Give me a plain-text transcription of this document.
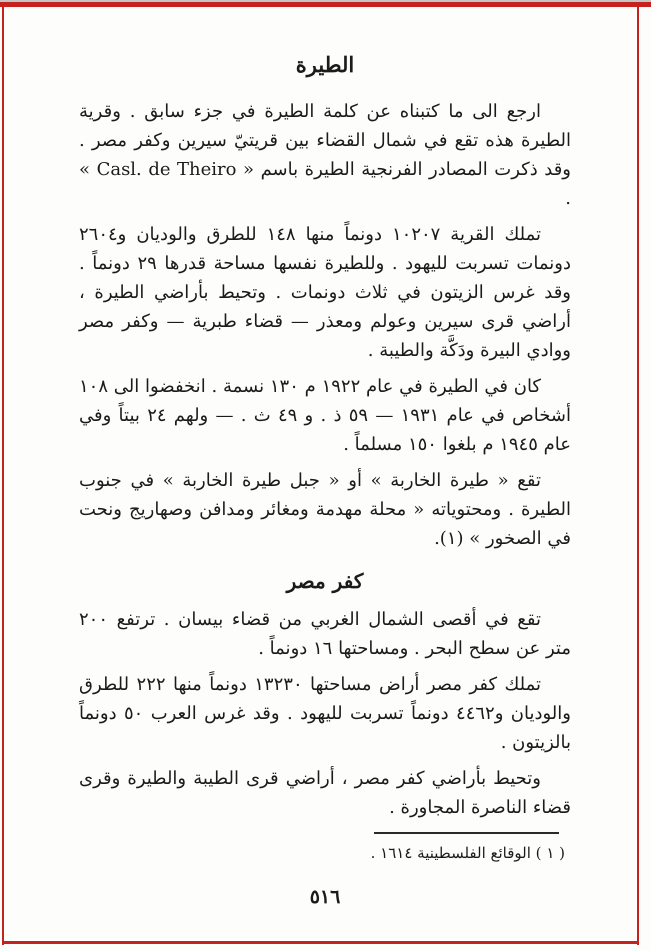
الطيرة

ارجع الى ما كتبناه عن كلمة الطيرة في جزء سابق . وقرية الطيرة هذه تقع في شمال القضاء بين قريتيّ سيرين وكفر مصر . وقد ذكرت المصادر الفرنجية الطيرة باسم « Casl. de Theiro » .

تملك القرية ١٠٢٠٧ دونماً منها ١٤٨ للطرق والوديان و٢٦٠٤ دونمات تسربت لليهود . وللطيرة نفسها مساحة قدرها ٢٩ دونماً . وقد غرس الزيتون في ثلاث دونمات . وتحيط بأراضي الطيرة ، أراضي قرى سيرين وعولم ومعذر — قضاء طبرية — وكفر مصر ووادي البيرة ودَكَّة والطيبة .

كان في الطيرة في عام ١٩٢٢ م ١٣٠ نسمة . انخفضوا الى ١٠٨ أشخاص في عام ١٩٣١ — ٥٩ ذ . و ٤٩ ث . — ولهم ٢٤ بيتاً وفي عام ١٩٤٥ م بلغوا ١٥٠ مسلماً .

تقع « طيرة الخاربة » أو « جبل طيرة الخاربة » في جنوب الطيرة . ومحتوياته « محلة مهدمة ومغائر ومدافن وصهاريج ونحت في الصخور » (١).

كفر مصر

تقع في أقصى الشمال الغربي من قضاء بيسان . ترتفع ٢٠٠ متر عن سطح البحر . ومساحتها ١٦ دونماً .

تملك كفر مصر أراض مساحتها ١٣٢٣٠ دونماً منها ٢٢٢ للطرق والوديان و٤٤٦٢ دونماً تسربت لليهود . وقد غرس العرب ٥٠ دونماً بالزيتون .

وتحيط بأراضي كفر مصر ، أراضي قرى الطيبة والطيرة وقرى قضاء الناصرة المجاورة .

( ١ ) الوقائع الفلسطينية ١٦١٤ .

٥١٦
